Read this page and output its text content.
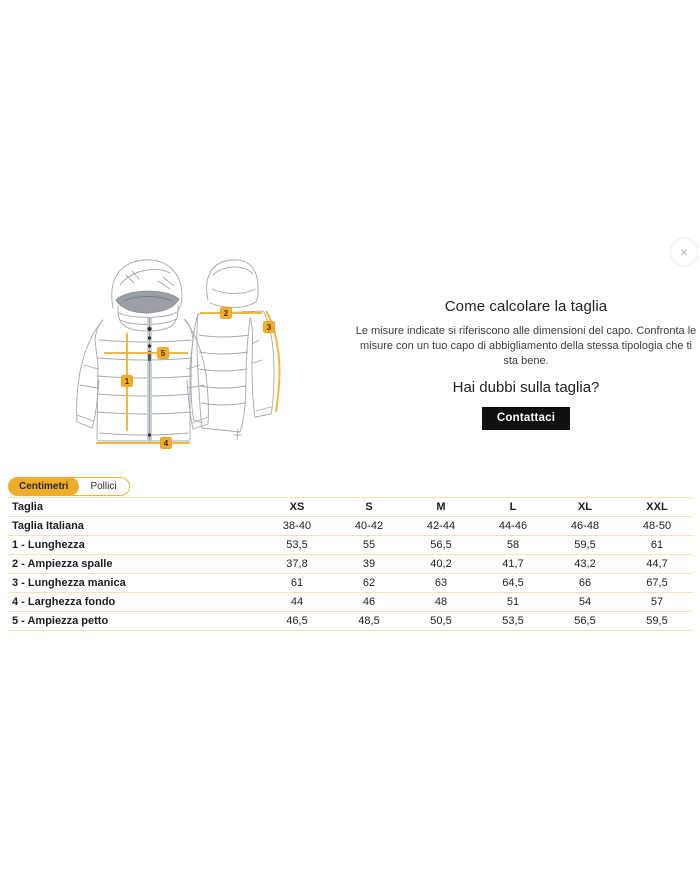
×
1
2
3
4
5
Come calcolare la taglia

Le misure indicate si riferiscono alle dimensioni del capo. Confronta le misure con un tuo capo di abbigliamento della stessa tipologia che ti sta bene.

Hai dubbi sulla taglia?
Contattaci
Centimetri	Pollici
Taglia	XS	S	M	L	XL	XXL
Taglia Italiana	38-40	40-42	42-44	44-46	46-48	48-50
1 - Lunghezza	53,5	55	56,5	58	59,5	61
2 - Ampiezza spalle	37,8	39	40,2	41,7	43,2	44,7
3 - Lunghezza manica	61	62	63	64,5	66	67,5
4 - Larghezza fondo	44	46	48	51	54	57
5 - Ampiezza petto	46,5	48,5	50,5	53,5	56,5	59,5
